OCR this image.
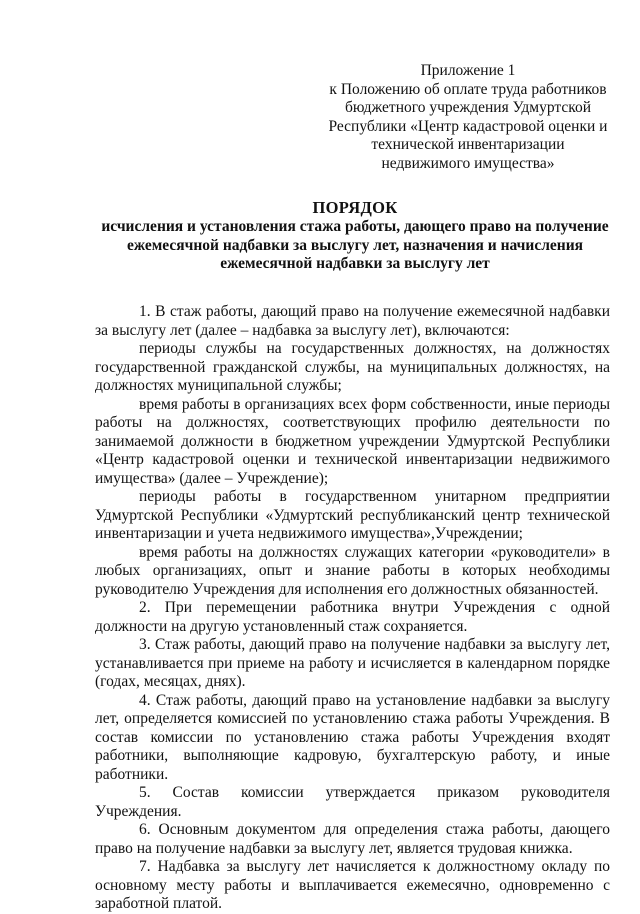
Приложение 1
к Положению об оплате труда работников
бюджетного учреждения Удмуртской
Республики «Центр кадастровой оценки и
технической инвентаризации
недвижимого имущества»
ПОРЯДОК
исчисления и установления стажа работы, дающего право на получение
ежемесячной надбавки за выслугу лет, назначения и начисления
ежемесячной надбавки за выслугу лет

1. В стаж работы, дающий право на получение ежемесячной надбавки за выслугу лет (далее – надбавка за выслугу лет), включаются:

периоды службы на государственных должностях, на должностях государственной гражданской службы, на муниципальных должностях, на должностях муниципальной службы;

время работы в организациях всех форм собственности, иные периоды работы на должностях, соответствующих профилю деятельности по занимаемой должности в бюджетном учреждении Удмуртской Республики «Центр кадастровой оценки и технической инвентаризации недвижимого имущества» (далее – Учреждение);

периоды работы в государственном унитарном предприятии Удмуртской Республики «Удмуртский республиканский центр технической инвентаризации и учета недвижимого имущества»,Учреждении;

время работы на должностях служащих категории «руководители» в любых организациях, опыт и знание работы в которых необходимы руководителю Учреждения для исполнения его должностных обязанностей.

2. При перемещении работника внутри Учреждения с одной должности на другую установленный стаж сохраняется.

3. Стаж работы, дающий право на получение надбавки за выслугу лет, устанавливается при приеме на работу и исчисляется в календарном порядке (годах, месяцах, днях).

4. Стаж работы, дающий право на установление надбавки за выслугу лет, определяется комиссией по установлению стажа работы Учреждения. В состав комиссии по установлению стажа работы Учреждения входят работники, выполняющие кадровую, бухгалтерскую работу, и иные работники.

5. Состав комиссии утверждается приказом руководителя Учреждения.

6. Основным документом для определения стажа работы, дающего право на получение надбавки за выслугу лет, является трудовая книжка.

7. Надбавка за выслугу лет начисляется к должностному окладу по основному месту работы и выплачивается ежемесячно, одновременно с заработной платой.
